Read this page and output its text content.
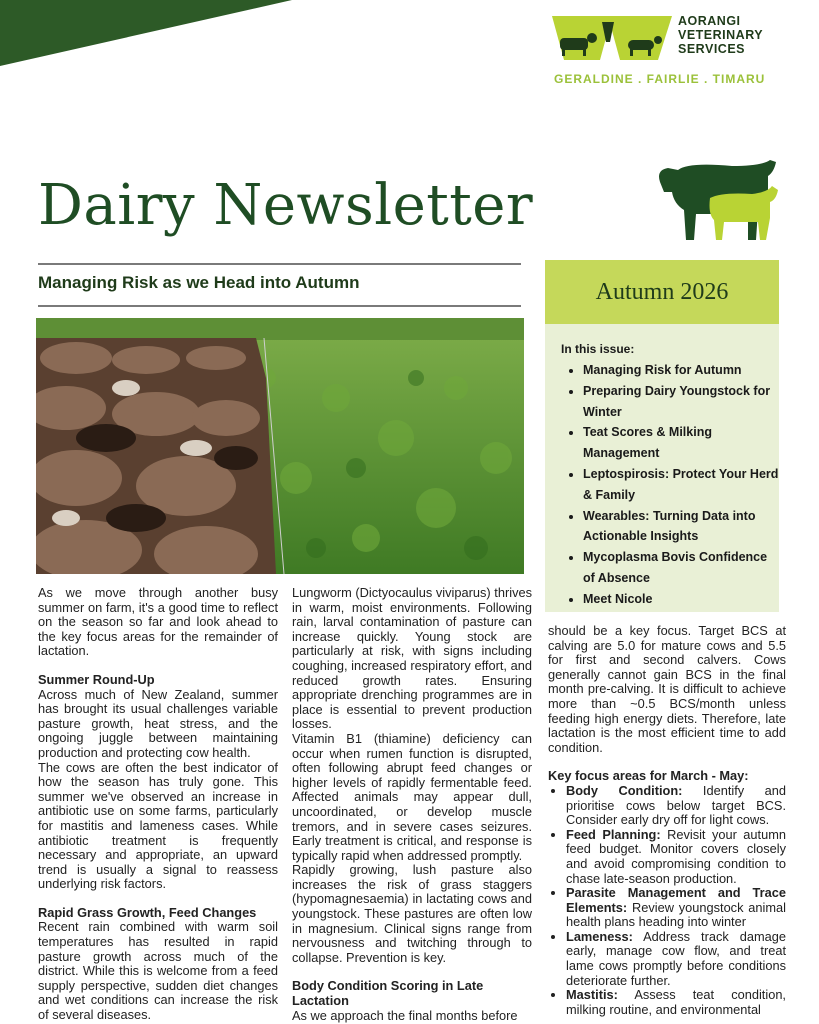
AORANGI
VETERINARY
SERVICES
GERALDINE . FAIRLIE . TIMARU
Dairy Newsletter
Managing Risk as we Head into Autumn	Autumn 2026
In this issue:
• Managing Risk for Autumn
• Preparing Dairy Youngstock for Winter
• Teat Scores & Milking Management
• Leptospirosis: Protect Your Herd & Family
• Wearables: Turning Data into Actionable Insights
• Mycoplasma Bovis Confidence of Absence
• Meet Nicole

As we move through another busy summer on farm, it's a good time to reflect on the season so far and look ahead to the key focus areas for the remainder of lactation.

Summer Round-Up

Across much of New Zealand, summer has brought its usual challenges variable pasture growth, heat stress, and the ongoing juggle between maintaining production and protecting cow health.

The cows are often the best indicator of how the season has truly gone. This summer we've observed an increase in antibiotic use on some farms, particularly for mastitis and lameness cases. While antibiotic treatment is frequently necessary and appropriate, an upward trend is usually a signal to reassess underlying risk factors.

Rapid Grass Growth, Feed Changes

Recent rain combined with warm soil temperatures has resulted in rapid pasture growth across much of the district. While this is welcome from a feed supply perspective, sudden diet changes and wet conditions can increase the risk of several diseases.

Lungworm (Dictyocaulus viviparus) thrives in warm, moist environments. Following rain, larval contamination of pasture can increase quickly. Young stock are particularly at risk, with signs including coughing, increased respiratory effort, and reduced growth rates. Ensuring appropriate drenching programmes are in place is essential to prevent production losses.

Vitamin B1 (thiamine) deficiency can occur when rumen function is disrupted, often following abrupt feed changes or higher levels of rapidly fermentable feed. Affected animals may appear dull, uncoordinated, or develop muscle tremors, and in severe cases seizures. Early treatment is critical, and response is typically rapid when addressed promptly.

Rapidly growing, lush pasture also increases the risk of grass staggers (hypomagnesaemia) in lactating cows and youngstock. These pastures are often low in magnesium. Clinical signs range from nervousness and twitching through to collapse. Prevention is key.

Body Condition Scoring in Late Lactation

As we approach the final months before

should be a key focus. Target BCS at calving are 5.0 for mature cows and 5.5 for first and second calvers. Cows generally cannot gain BCS in the final month pre-calving. It is difficult to achieve more than ~0.5 BCS/month unless feeding high energy diets. Therefore, late lactation is the most efficient time to add condition.

Key focus areas for March - May:
• Body Condition: Identify and prioritise cows below target BCS. Consider early dry off for light cows.
• Feed Planning: Revisit your autumn feed budget. Monitor covers closely and avoid compromising condition to chase late-season production.
• Parasite Management and Trace Elements: Review youngstock animal health plans heading into winter
• Lameness: Address track damage early, manage cow flow, and treat lame cows promptly before conditions deteriorate further.
• Mastitis: Assess teat condition, milking routine, and environmental
